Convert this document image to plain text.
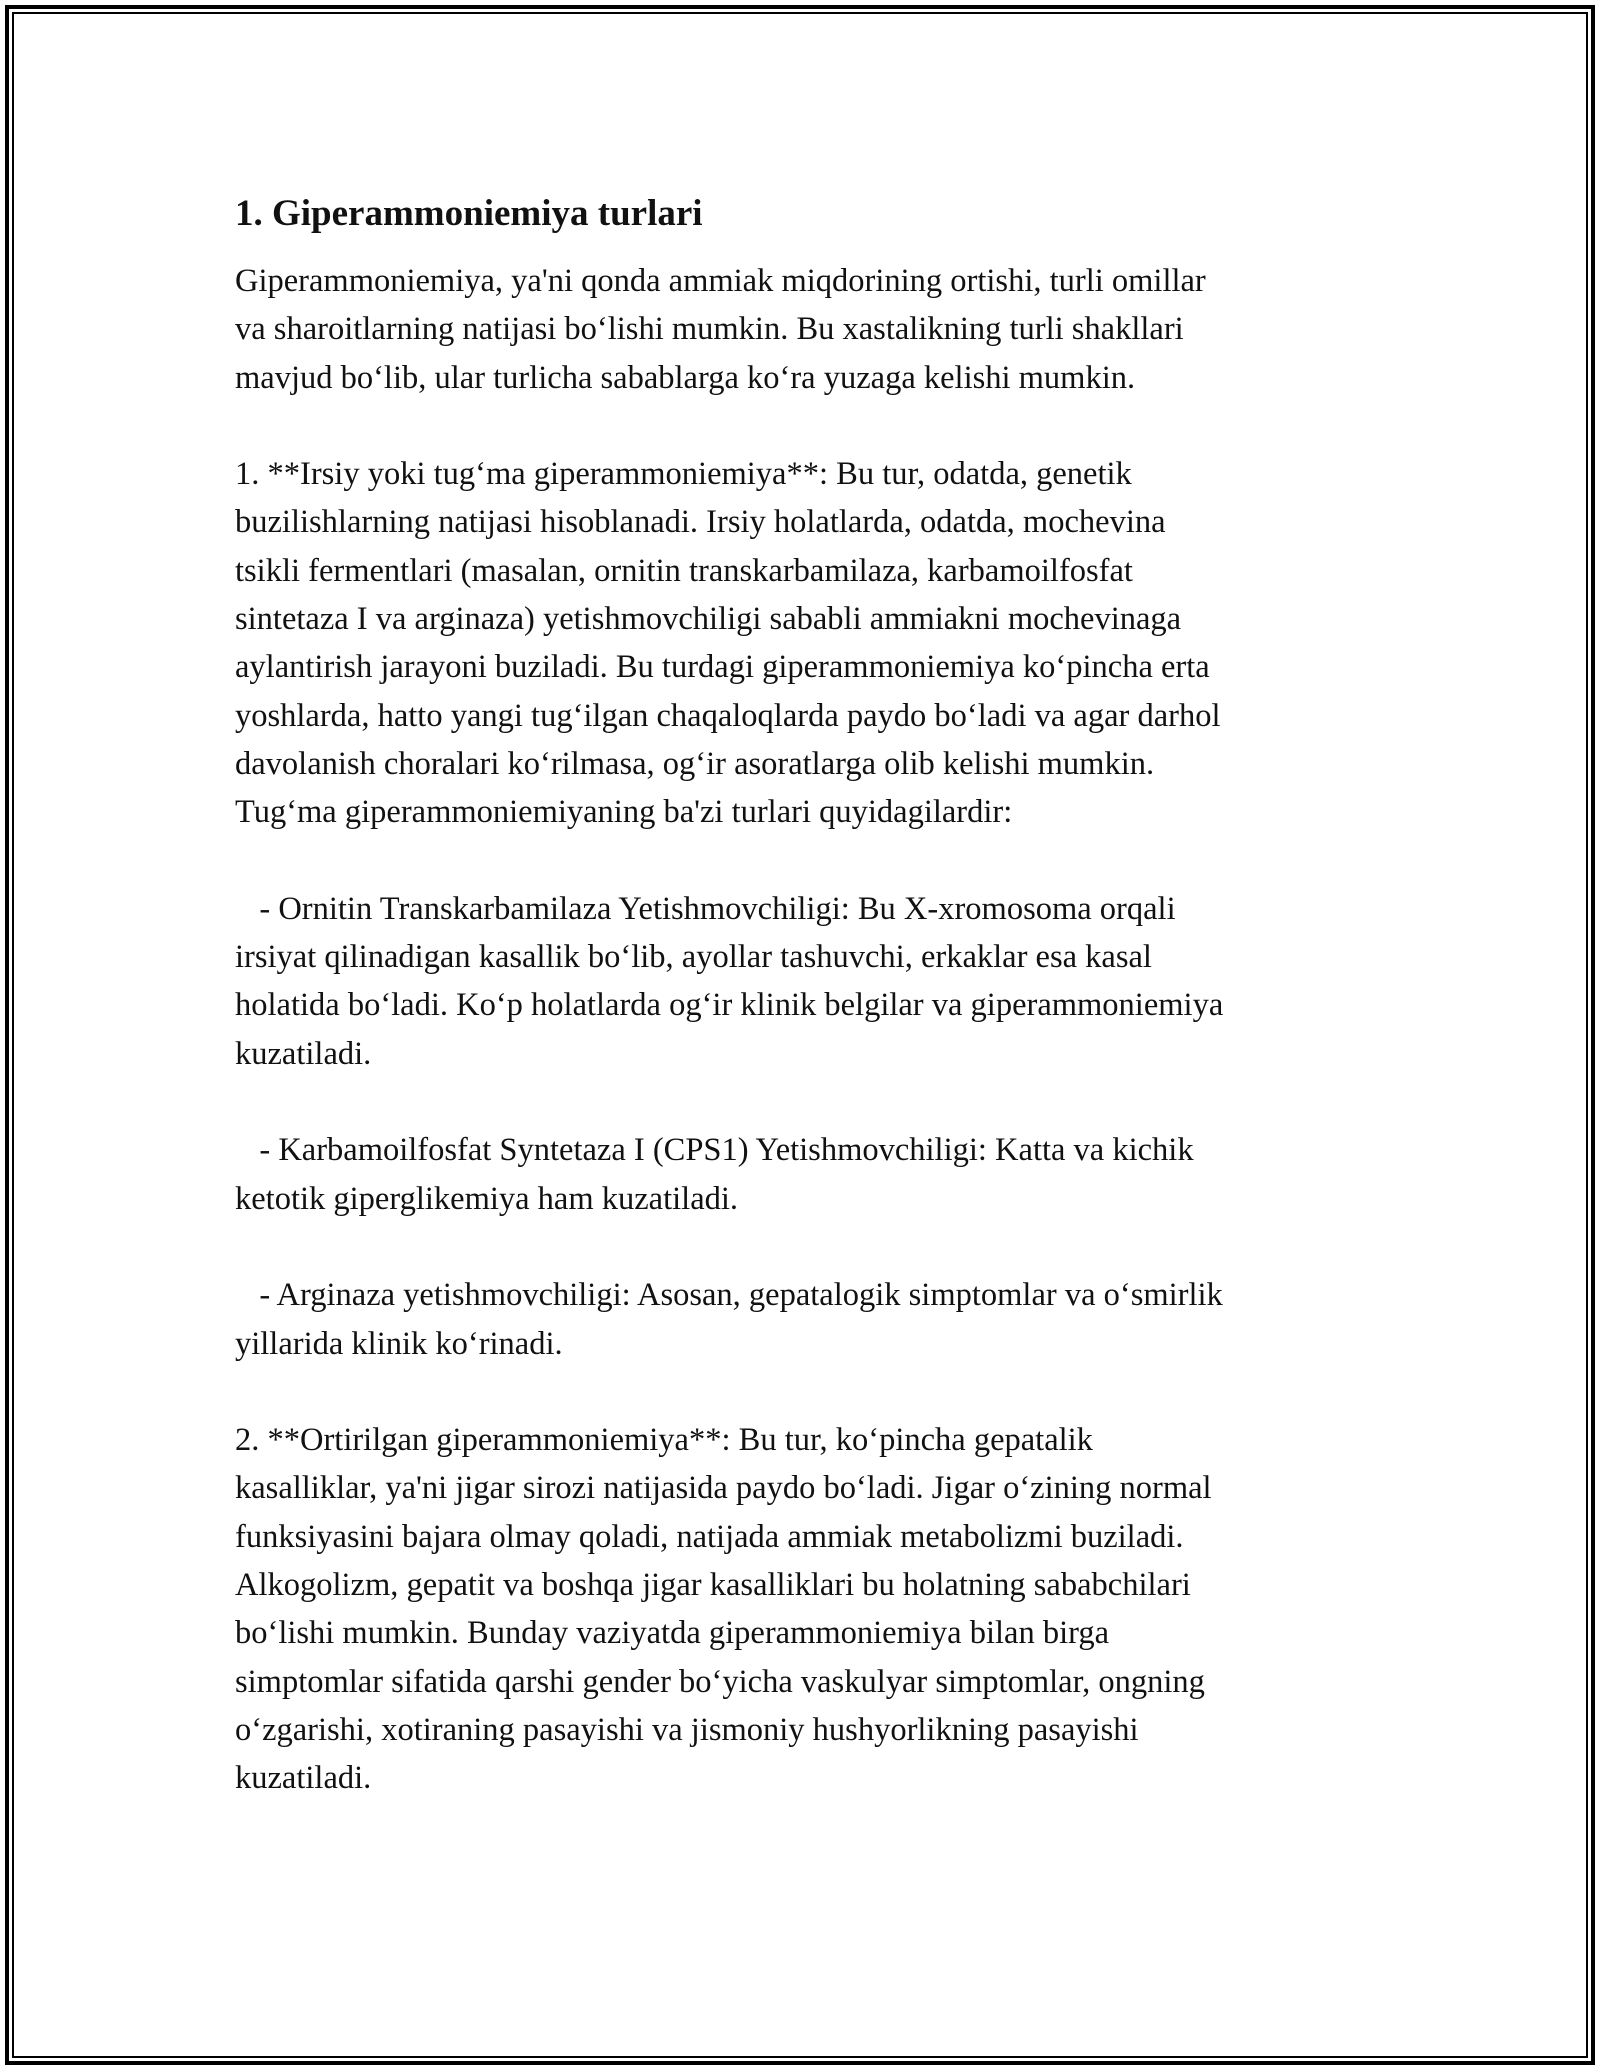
1. Giperammoniemiya turlari

Giperammoniemiya, ya'ni qonda ammiak miqdorining ortishi, turli omillar
va sharoitlarning natijasi bo‘lishi mumkin. Bu xastalikning turli shakllari
mavjud bo‘lib, ular turlicha sabablarga ko‘ra yuzaga kelishi mumkin.

1. **Irsiy yoki tug‘ma giperammoniemiya**: Bu tur, odatda, genetik
buzilishlarning natijasi hisoblanadi. Irsiy holatlarda, odatda, mochevina
tsikli fermentlari (masalan, ornitin transkarbamilaza, karbamoilfosfat
sintetaza I va arginaza) yetishmovchiligi sababli ammiakni mochevinaga
aylantirish jarayoni buziladi. Bu turdagi giperammoniemiya ko‘pincha erta
yoshlarda, hatto yangi tug‘ilgan chaqaloqlarda paydo bo‘ladi va agar darhol
davolanish choralari ko‘rilmasa, og‘ir asoratlarga olib kelishi mumkin.
Tug‘ma giperammoniemiyaning ba'zi turlari quyidagilardir:

- Ornitin Transkarbamilaza Yetishmovchiligi: Bu X-xromosoma orqali
irsiyat qilinadigan kasallik bo‘lib, ayollar tashuvchi, erkaklar esa kasal
holatida bo‘ladi. Ko‘p holatlarda og‘ir klinik belgilar va giperammoniemiya
kuzatiladi.

- Karbamoilfosfat Syntetaza I (CPS1) Yetishmovchiligi: Katta va kichik
ketotik giperglikemiya ham kuzatiladi.

- Arginaza yetishmovchiligi: Asosan, gepatalogik simptomlar va o‘smirlik
yillarida klinik ko‘rinadi.

2. **Ortirilgan giperammoniemiya**: Bu tur, ko‘pincha gepatalik
kasalliklar, ya'ni jigar sirozi natijasida paydo bo‘ladi. Jigar o‘zining normal
funksiyasini bajara olmay qoladi, natijada ammiak metabolizmi buziladi.
Alkogolizm, gepatit va boshqa jigar kasalliklari bu holatning sababchilari
bo‘lishi mumkin. Bunday vaziyatda giperammoniemiya bilan birga
simptomlar sifatida qarshi gender bo‘yicha vaskulyar simptomlar, ongning
o‘zgarishi, xotiraning pasayishi va jismoniy hushyorlikning pasayishi
kuzatiladi.
